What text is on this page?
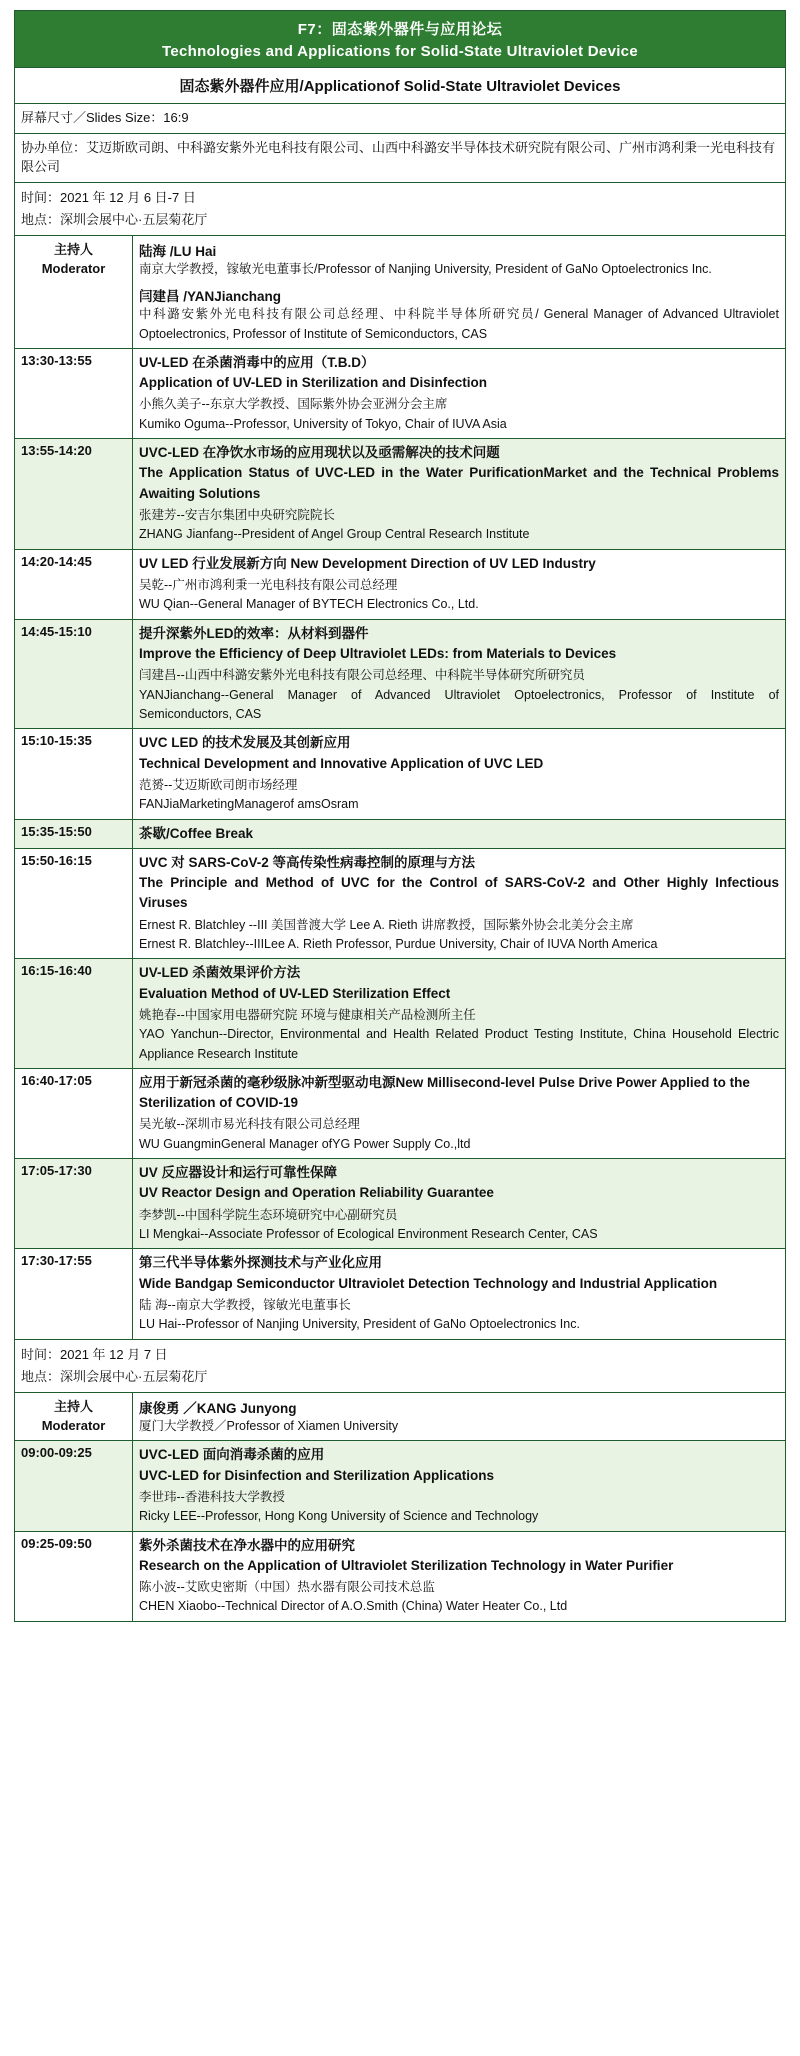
F7：固态紫外器件与应用论坛
Technologies and Applications for Solid-State Ultraviolet Device	

固态紫外器件应用/Applicationof Solid-State Ultraviolet Devices	

屏幕尺寸／Slides Size：16:9	

协办单位：艾迈斯欧司朗、中科潞安紫外光电科技有限公司、山西中科潞安半导体技术研究院有限公司、广州市鸿利秉一光电科技有限公司	

时间：2021 年 12 月 6 日-7 日
地点：深圳会展中心·五层菊花厅	

主持人
Moderator

陆海 /LU Hai
南京大学教授，镓敏光电董事长/Professor of Nanjing University, President of GaNo Optoelectronics Inc.
闫建昌 /YANJianchang
中科潞安紫外光电科技有限公司总经理、中科院半导体所研究员/ General Manager of Advanced Ultraviolet Optoelectronics, Professor of Institute of Semiconductors, CAS

13:30-13:55	UV-LED 在杀菌消毒中的应用（T.B.D）
Application of UV-LED in Sterilization and Disinfection
小熊久美子--东京大学教授、国际紫外协会亚洲分会主席
Kumiko Oguma--Professor, University of Tokyo, Chair of IUVA Asia

13:55-14:20	UVC-LED 在净饮水市场的应用现状以及亟需解决的技术问题
The Application Status of UVC-LED in the Water PurificationMarket and the Technical Problems Awaiting Solutions
张建芳--安吉尔集团中央研究院院长
ZHANG Jianfang--President of Angel Group Central Research Institute

14:20-14:45	UV LED 行业发展新方向 New Development Direction of UV LED Industry
吴乾--广州市鸿利秉一光电科技有限公司总经理
WU Qian--General Manager of BYTECH Electronics Co., Ltd.

14:45-15:10	提升深紫外LED的效率：从材料到器件
Improve the Efficiency of Deep Ultraviolet LEDs: from Materials to Devices
闫建昌--山西中科潞安紫外光电科技有限公司总经理、中科院半导体研究所研究员
YANJianchang--General Manager of Advanced Ultraviolet Optoelectronics, Professor of Institute of Semiconductors, CAS

15:10-15:35	UVC LED 的技术发展及其创新应用
Technical Development and Innovative Application of UVC LED
范赟--艾迈斯欧司朗市场经理
FANJiaMarketingManagerof amsOsram

15:35-15:50	茶歇/Coffee Break

15:50-16:15	UVC 对 SARS-CoV-2 等高传染性病毒控制的原理与方法
The Principle and Method of UVC for the Control of SARS-CoV-2 and Other Highly Infectious Viruses
Ernest R. Blatchley --III 美国普渡大学 Lee A. Rieth 讲席教授，国际紫外协会北美分会主席
Ernest R. Blatchley--IIILee A. Rieth Professor, Purdue University, Chair of IUVA North America

16:15-16:40	UV-LED 杀菌效果评价方法
Evaluation Method of UV-LED Sterilization Effect
姚艳春--中国家用电器研究院 环境与健康相关产品检测所主任
YAO Yanchun--Director, Environmental and Health Related Product Testing Institute, China Household Electric Appliance Research Institute

16:40-17:05	应用于新冠杀菌的毫秒级脉冲新型驱动电源New Millisecond-level Pulse Drive Power Applied to the Sterilization of COVID-19
吴光敏--深圳市易光科技有限公司总经理
WU GuangminGeneral Manager ofYG Power Supply Co.,ltd

17:05-17:30	UV 反应器设计和运行可靠性保障
UV Reactor Design and Operation Reliability Guarantee
李梦凯--中国科学院生态环境研究中心副研究员
LI Mengkai--Associate Professor of Ecological Environment Research Center, CAS

17:30-17:55	第三代半导体紫外探测技术与产业化应用
Wide Bandgap Semiconductor Ultraviolet Detection Technology and Industrial Application
陆 海--南京大学教授，镓敏光电董事长
LU Hai--Professor of Nanjing University, President of GaNo Optoelectronics Inc.

时间：2021 年 12 月 7 日
地点：深圳会展中心·五层菊花厅	

主持人
Moderator

康俊勇 ／KANG Junyong
厦门大学教授／Professor of Xiamen University

09:00-09:25	UVC-LED 面向消毒杀菌的应用
UVC-LED for Disinfection and Sterilization Applications
李世玮--香港科技大学教授
Ricky LEE--Professor, Hong Kong University of Science and Technology

09:25-09:50	紫外杀菌技术在净水器中的应用研究
Research on the Application of Ultraviolet Sterilization Technology in Water Purifier
陈小波--艾欧史密斯（中国）热水器有限公司技术总监
CHEN Xiaobo--Technical Director of A.O.Smith (China) Water Heater Co., Ltd
